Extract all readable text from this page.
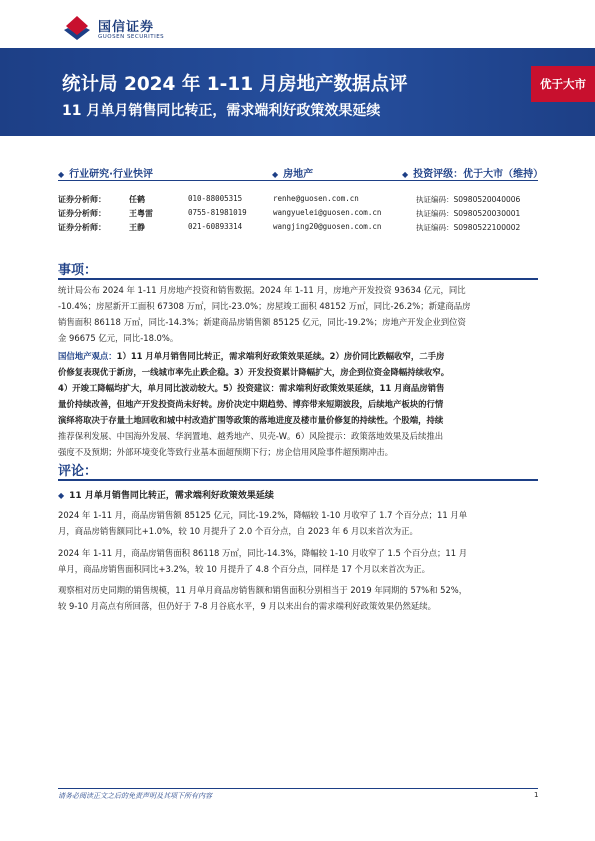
国信证券
GUOSEN SECURITIES
统计局 2024 年 1-11 月房地产数据点评
11 月单月销售同比转正，需求端利好政策效果延续
优于大市
◆ 行业研究·行业快评	◆ 房地产	◆ 投资评级：优于大市（维持）
证券分析师：	任鹤	010-88005315	renhe@guosen.com.cn	执证编码：S0980520040006
证券分析师：	王粤雷	0755-81981019	wangyuelei@guosen.com.cn	执证编码：S0980520030001
证券分析师：	王静	021-60893314	wangjing20@guosen.com.cn	执证编码：S0980522100002
事项：
统计局公布 2024 年 1-11 月房地产投资和销售数据。2024 年 1-11 月，房地产开发投资 93634 亿元，同比
-10.4%；房屋新开工面积 67308 万㎡，同比-23.0%；房屋竣工面积 48152 万㎡，同比-26.2%；新建商品房
销售面积 86118 万㎡，同比-14.3%；新建商品房销售额 85125 亿元，同比-19.2%；房地产开发企业到位资
金 96675 亿元，同比-18.0%。
国信地产观点：1）11 月单月销售同比转正，需求端利好政策效果延续。2）房价同比跌幅收窄，二手房
价修复表现优于新房，一线城市率先止跌企稳。3）开发投资累计降幅扩大，房企到位资金降幅持续收窄。
4）开竣工降幅均扩大，单月同比波动较大。5）投资建议：需求端利好政策效果延续，11 月商品房销售
量价持续改善，但地产开发投资尚未好转。房价决定中期趋势、博弈带来短期波段，后续地产板块的行情
演绎将取决于存量土地回收和城中村改造扩围等政策的落地进度及楼市量价修复的持续性。个股端，持续
推荐保利发展、中国海外发展、华润置地、越秀地产、贝壳-W。6）风险提示：政策落地效果及后续推出
强度不及预期；外部环境变化等致行业基本面超预期下行；房企信用风险事件超预期冲击。
评论：
◆ 11 月单月销售同比转正，需求端利好政策效果延续
2024 年 1-11 月，商品房销售额 85125 亿元，同比-19.2%，降幅较 1-10 月收窄了 1.7 个百分点；11 月单
月，商品房销售额同比+1.0%，较 10 月提升了 2.0 个百分点，自 2023 年 6 月以来首次为正。
2024 年 1-11 月，商品房销售面积 86118 万㎡，同比-14.3%，降幅较 1-10 月收窄了 1.5 个百分点；11 月
单月，商品房销售面积同比+3.2%，较 10 月提升了 4.8 个百分点，同样是 17 个月以来首次为正。
观察相对历史同期的销售规模，11 月单月商品房销售额和销售面积分别相当于 2019 年同期的 57%和 52%，
较 9-10 月高点有所回落，但仍好于 7-8 月谷底水平，9 月以来出台的需求端利好政策效果仍然延续。
请务必阅读正文之后的免责声明及其项下所有内容	1
